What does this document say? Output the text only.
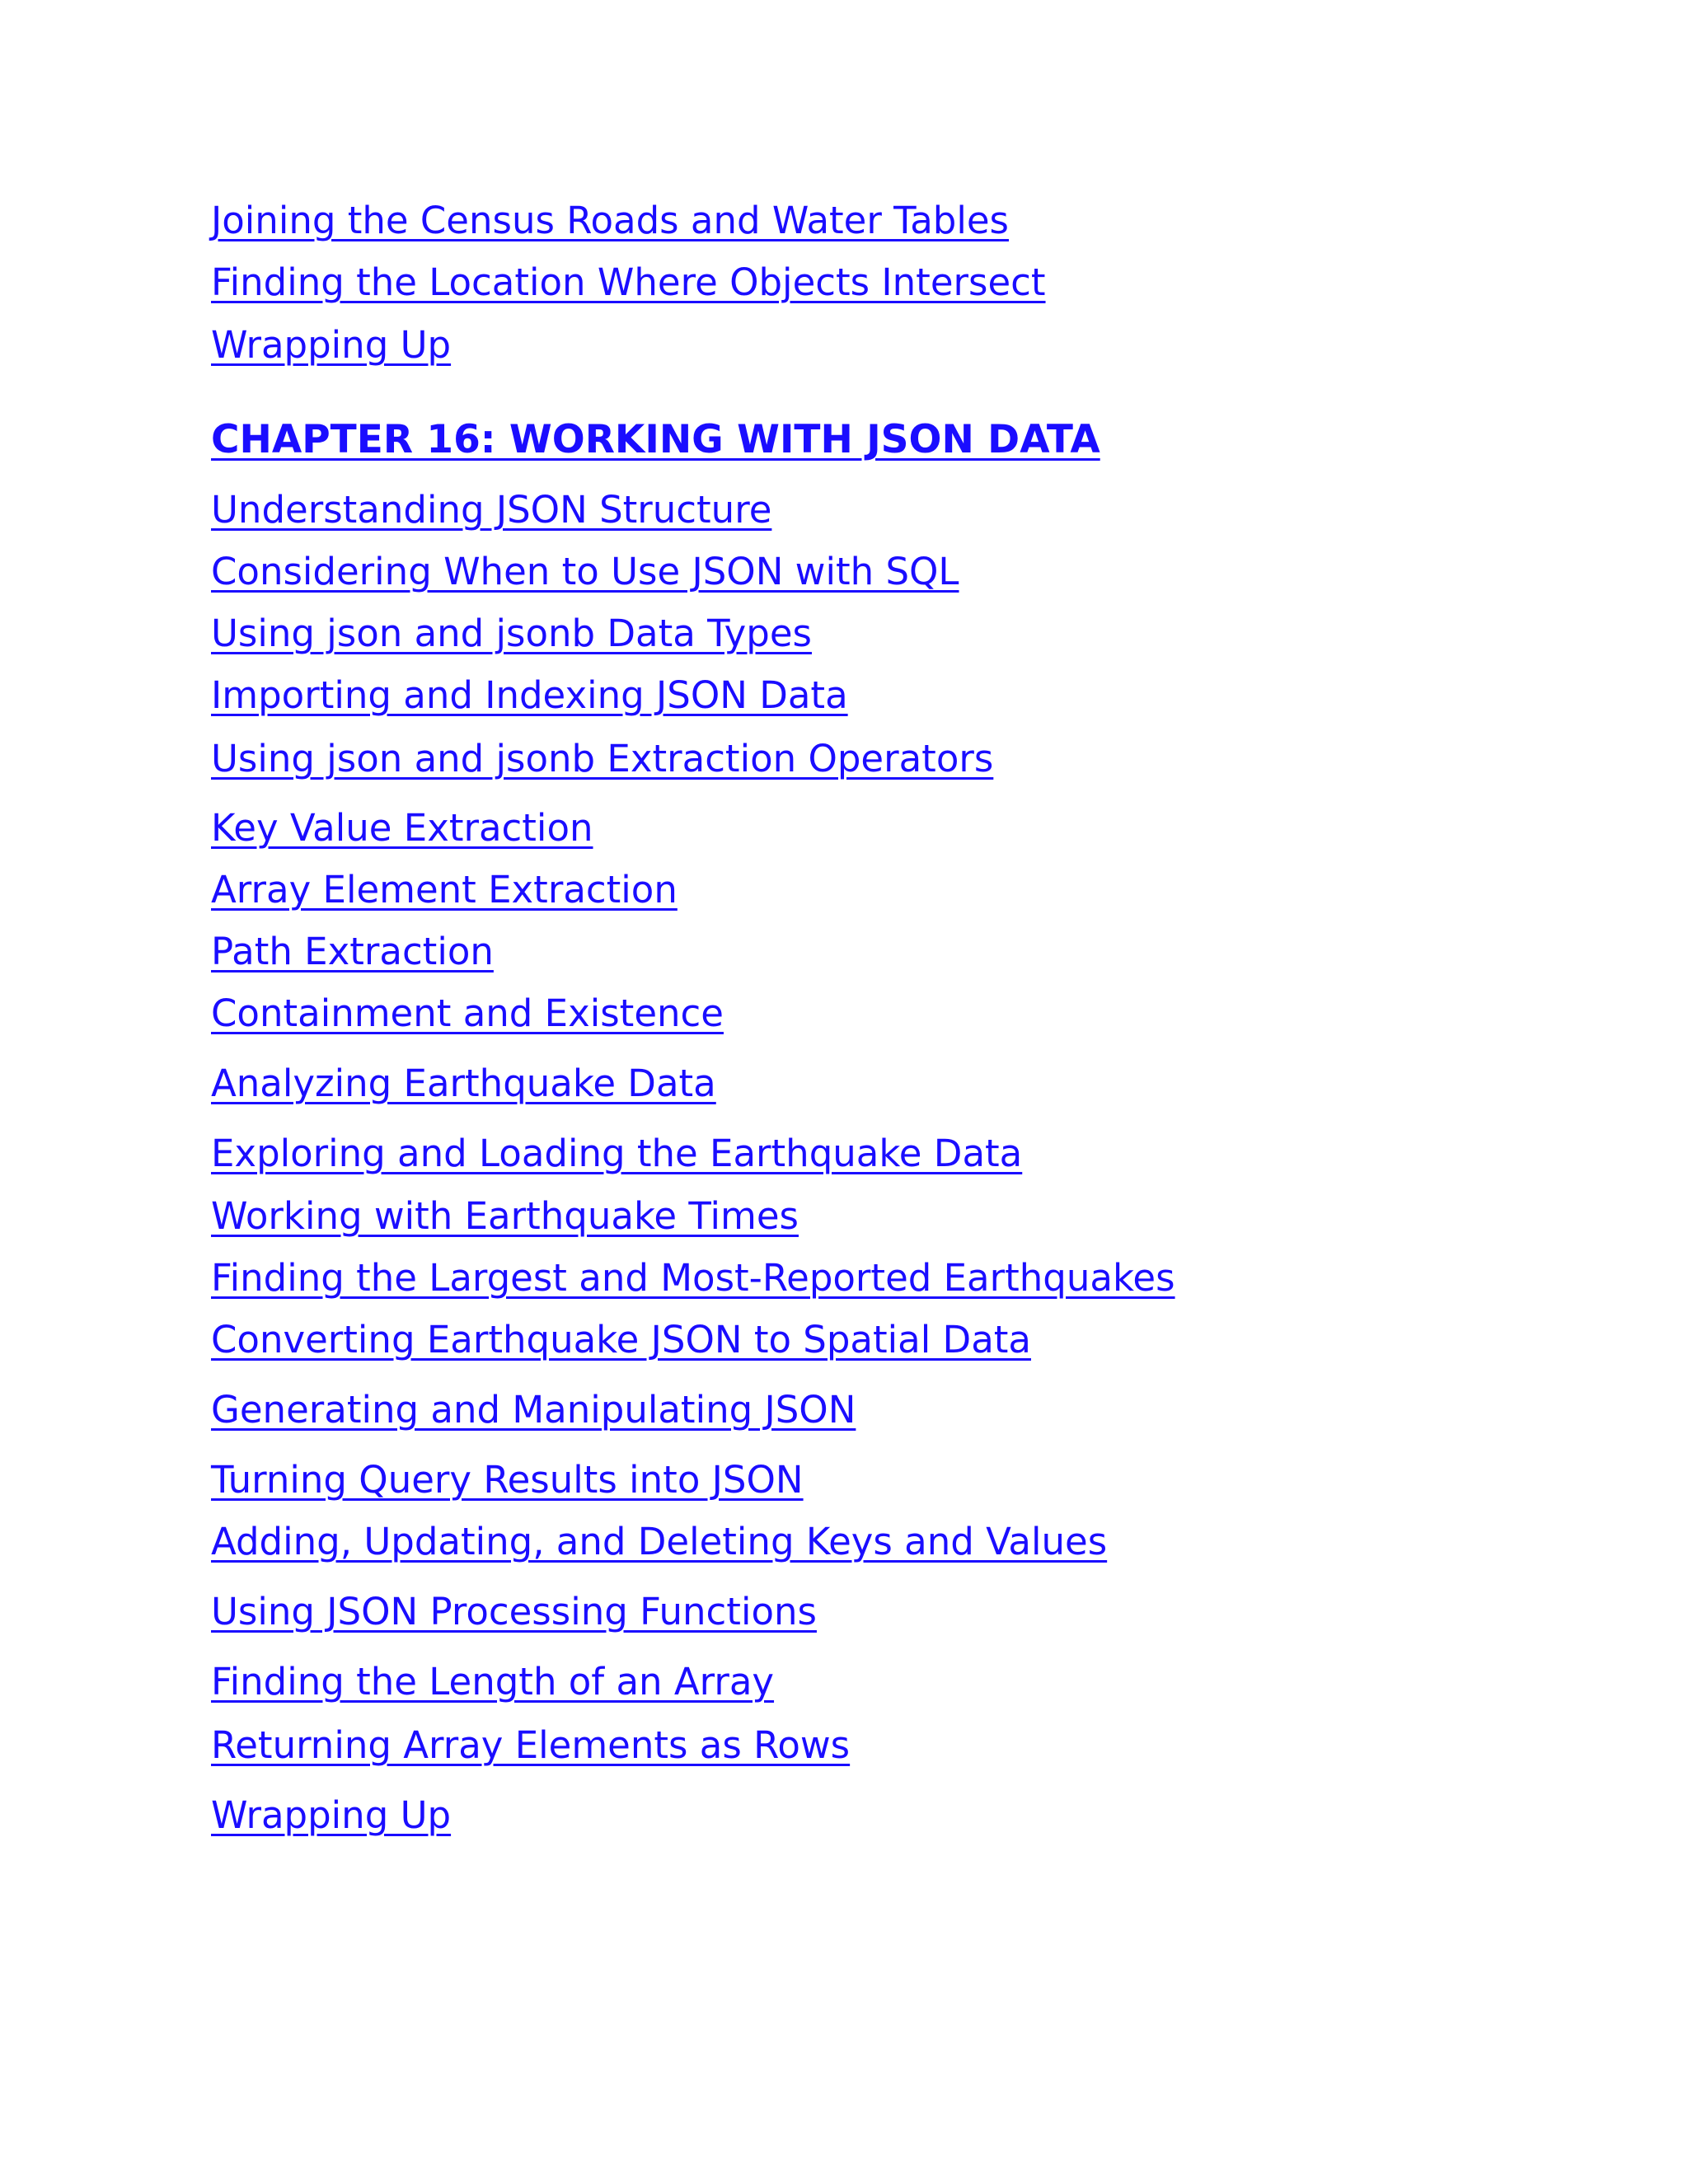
Joining the Census Roads and Water Tables
Finding the Location Where Objects Intersect
Wrapping Up
CHAPTER 16: WORKING WITH JSON DATA
Understanding JSON Structure
Considering When to Use JSON with SQL
Using json and jsonb Data Types
Importing and Indexing JSON Data
Using json and jsonb Extraction Operators
Key Value Extraction
Array Element Extraction
Path Extraction
Containment and Existence
Analyzing Earthquake Data
Exploring and Loading the Earthquake Data
Working with Earthquake Times
Finding the Largest and Most-Reported Earthquakes
Converting Earthquake JSON to Spatial Data
Generating and Manipulating JSON
Turning Query Results into JSON
Adding, Updating, and Deleting Keys and Values
Using JSON Processing Functions
Finding the Length of an Array
Returning Array Elements as Rows
Wrapping Up
